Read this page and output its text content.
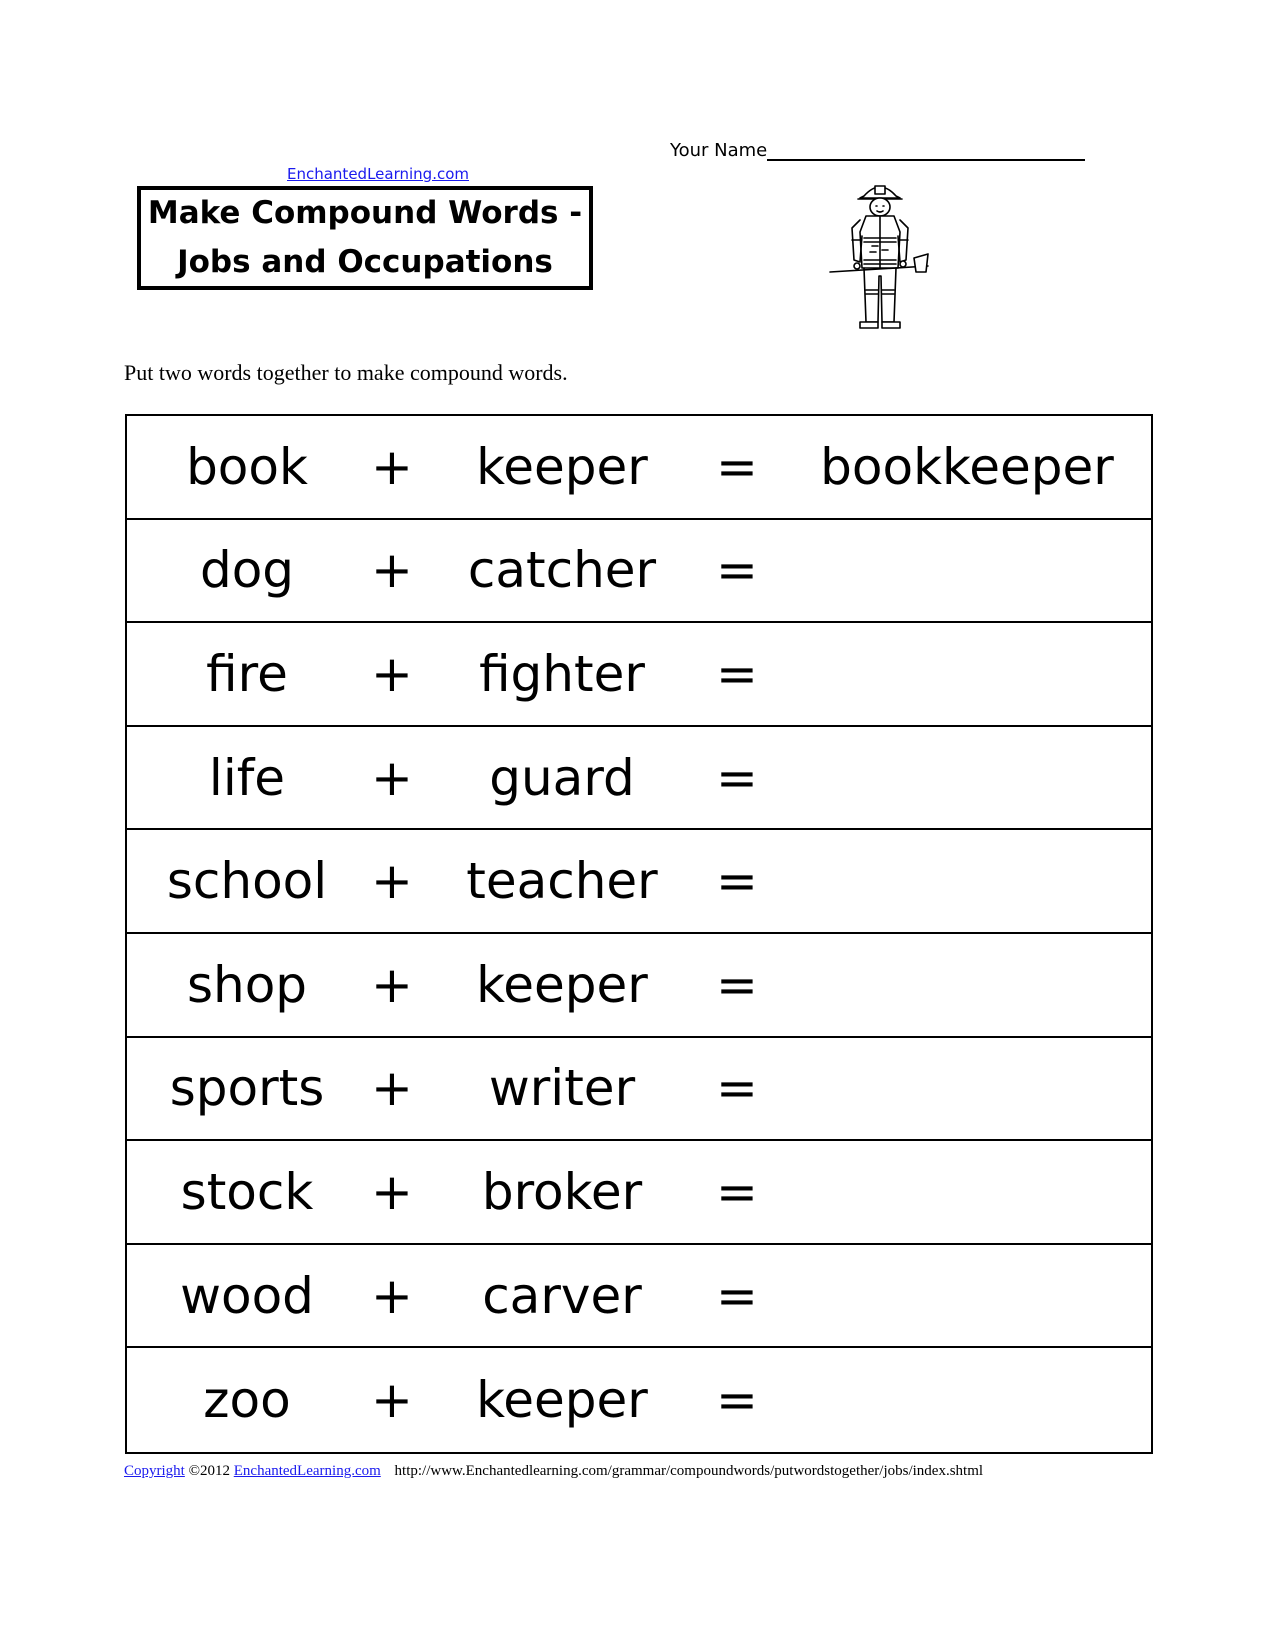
EnchantedLearning.com
Make Compound Words -
Jobs and Occupations
Your Name
Put two words together to make compound words.
book	+	keeper	=	bookkeeper
dog	+	catcher	=
fire	+	fighter	=
life	+	guard	=
school +	teacher	=
shop	+	keeper	=
sports +	writer	=
stock	+	broker	=
wood	+	carver	=
zoo	+	keeper	=
Copyright ©2012 EnchantedLearning.com http://www.Enchantedlearning.com/grammar/compoundwords/putwordstogether/jobs/index.shtml
